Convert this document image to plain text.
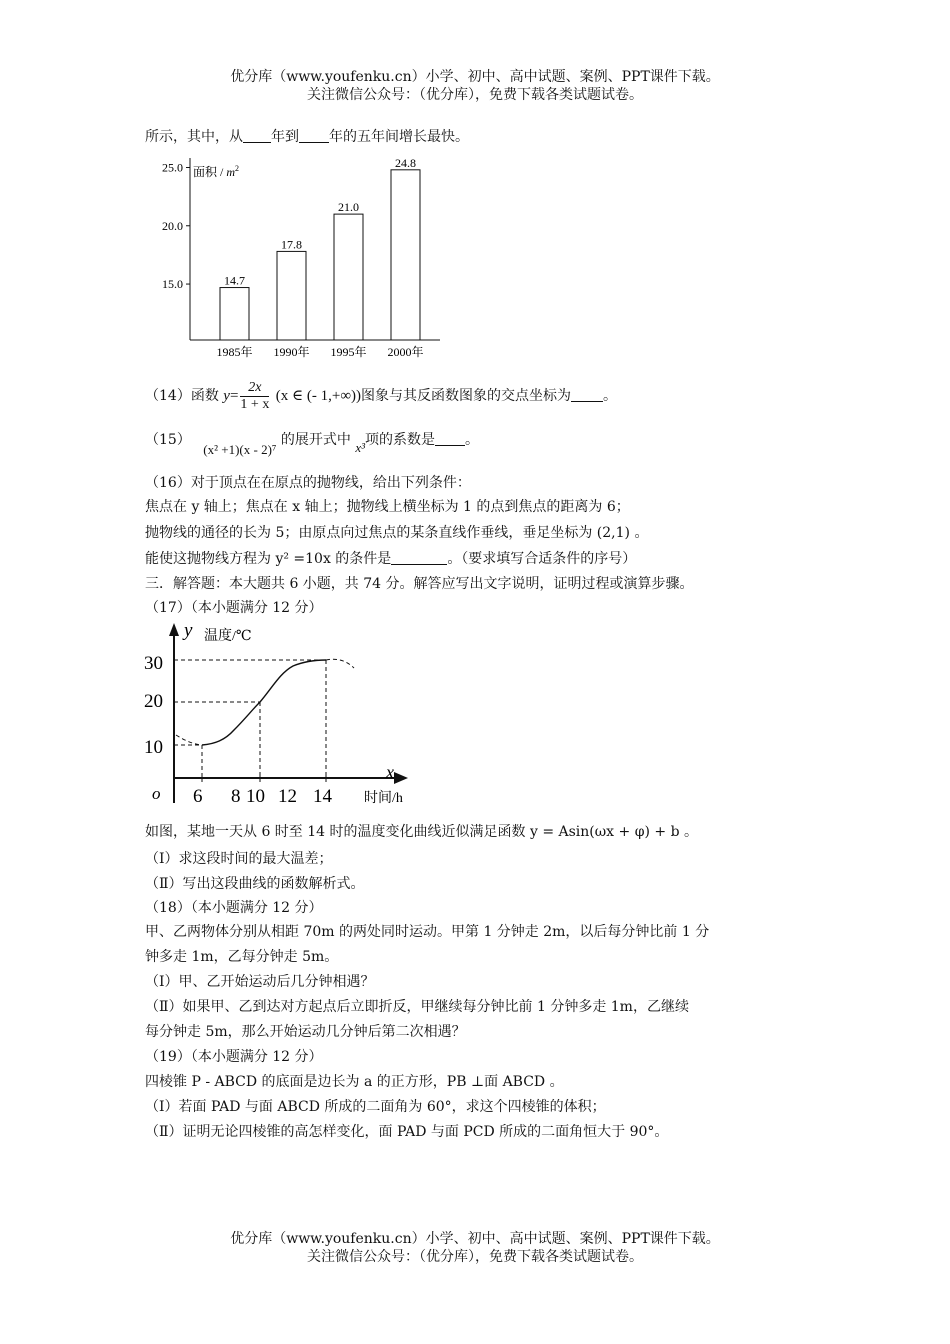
优分库（www.youfenku.cn）小学、初中、高中试题、案例、PPT课件下载。
关注微信公众号：（优分库），免费下载各类试题试卷。
所示，其中，从 年到 年的五年间增长最快。
面积 / $m^2$
15.0
20.0
25.0
14.7
1985年
17.8
1990年
21.0
1995年
24.8
2000年
（14）函数 $y= \frac{2x}{1 + x} (x$ ∈ (- 1,+∞))图象与其反函数图象的交点坐标为 。
（15） (x² +1)(x - 2)⁷ 的展开式中 x³项的系数是 。
（16）对于顶点在在原点的抛物线，给出下列条件：
焦点在 y 轴上；焦点在 x 轴上；抛物线上横坐标为 1 的点到焦点的距离为 6；
抛物线的通径的长为 5；由原点向过焦点的某条直线作垂线，垂足坐标为 (2,1) 。
能使这抛物线方程为 y² =10x 的条件是	。（要求填写合适条件的序号）
三．解答题：本大题共 6 小题，共 74 分。解答应写出文字说明，证明过程或演算步骤。
（17）（本小题满分 12 分）
y 温度/℃
x
时间/h
o
30
20
10
6 8 10 12 14
如图，某地一天从 6 时至 14 时的温度变化曲线近似满足函数 y = Asin(ωx + φ) + b 。
（Ⅰ）求这段时间的最大温差；
（Ⅱ）写出这段曲线的函数解析式。
（18）（本小题满分 12 分）
甲、乙两物体分别从相距 70m 的两处同时运动。甲第 1 分钟走 2m，以后每分钟比前 1 分
钟多走 1m，乙每分钟走 5m。
（Ⅰ）甲、乙开始运动后几分钟相遇？
（Ⅱ）如果甲、乙到达对方起点后立即折反，甲继续每分钟比前 1 分钟多走 1m，乙继续
每分钟走 5m，那么开始运动几分钟后第二次相遇？
（19）（本小题满分 12 分）
四棱锥 P - ABCD 的底面是边长为 a 的正方形，PB ⊥面 ABCD 。
（Ⅰ）若面 PAD 与面 ABCD 所成的二面角为 60°，求这个四棱锥的体积；
（Ⅱ）证明无论四棱锥的高怎样变化，面 PAD 与面 PCD 所成的二面角恒大于 90°。
优分库（www.youfenku.cn）小学、初中、高中试题、案例、PPT课件下载。
关注微信公众号：（优分库），免费下载各类试题试卷。
